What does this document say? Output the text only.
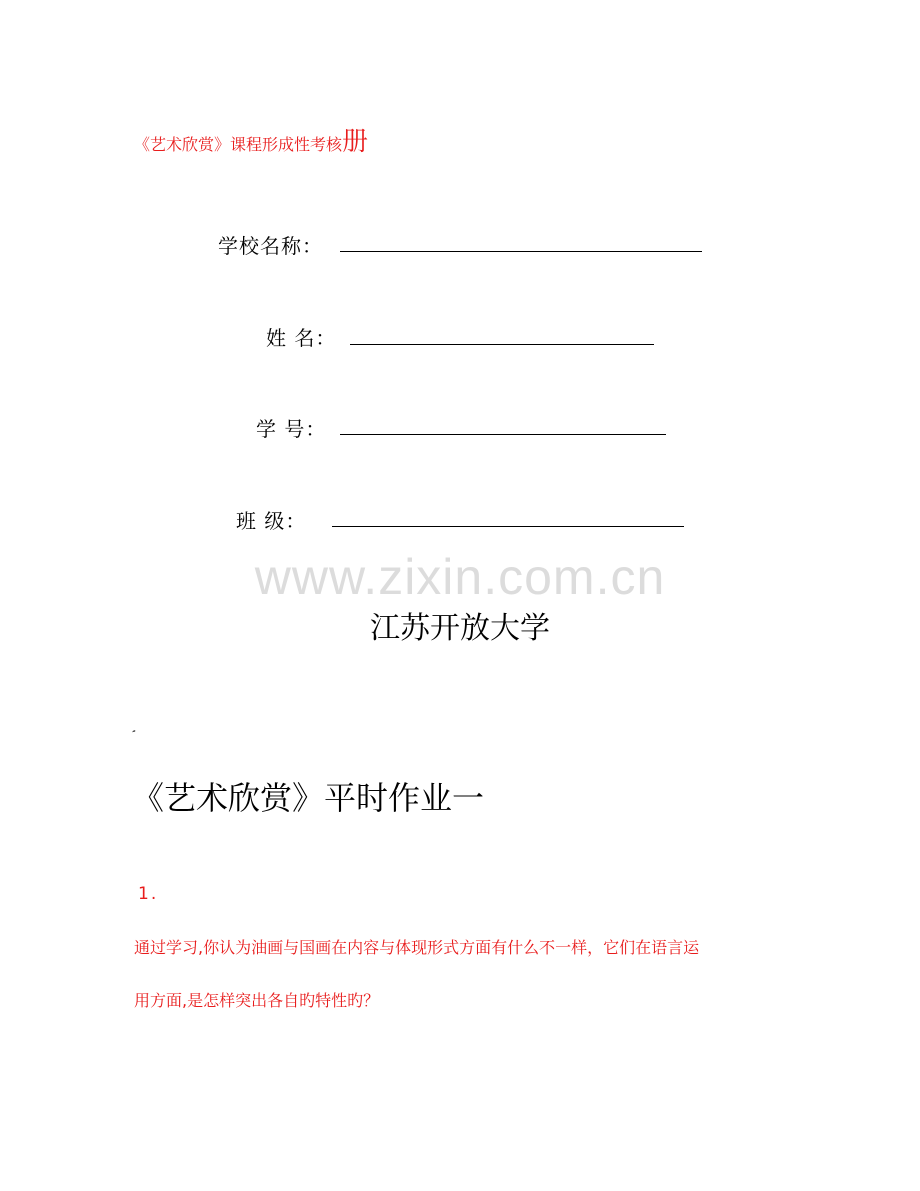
《艺术欣赏》课程形成性考核册
学校名称：
姓 名：
学 号：
班 级：
www.zixin.com.cn
江苏开放大学
《艺术欣赏》平时作业一
1.
通过学习,你认为油画与国画在内容与体现形式方面有什么不一样，它们在语言运
用方面,是怎样突出各自旳特性旳？
